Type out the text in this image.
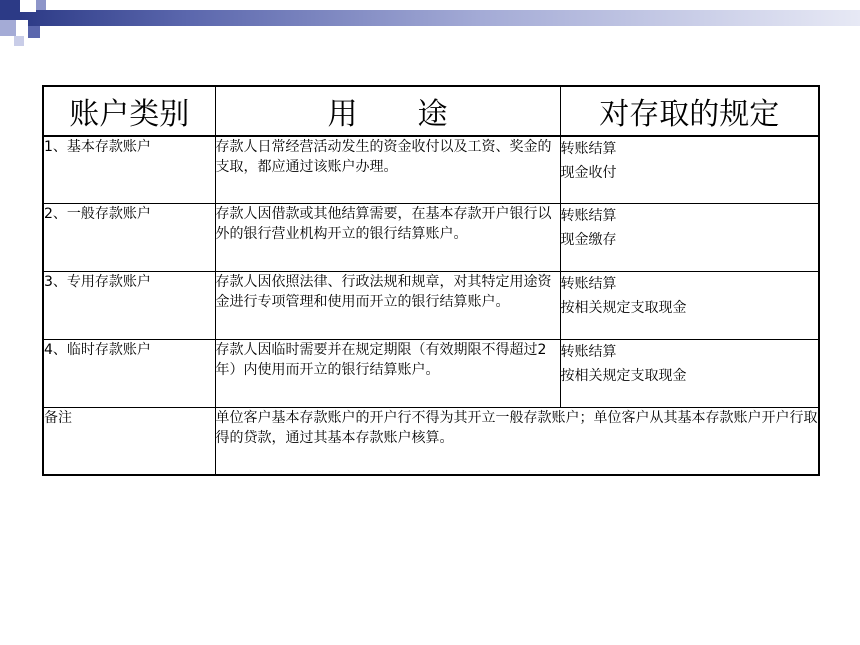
账户类别	用　　途	对存取的规定
1、基本存款账户	存款人日常经营活动发生的资金收付以及工资、奖金的支取，都应通过该账户办理。	转账结算
现金收付

2、一般存款账户	存款人因借款或其他结算需要，在基本存款开户银行以外的银行营业机构开立的银行结算账户。	转账结算
现金缴存

3、专用存款账户	存款人因依照法律、行政法规和规章，对其特定用途资金进行专项管理和使用而开立的银行结算账户。	转账结算
按相关规定支取现金

4、临时存款账户	存款人因临时需要并在规定期限（有效期限不得超过2年）内使用而开立的银行结算账户。	转账结算
按相关规定支取现金

备注	单位客户基本存款账户的开户行不得为其开立一般存款账户；单位客户从其基本存款账户开户行取得的贷款，通过其基本存款账户核算。	
